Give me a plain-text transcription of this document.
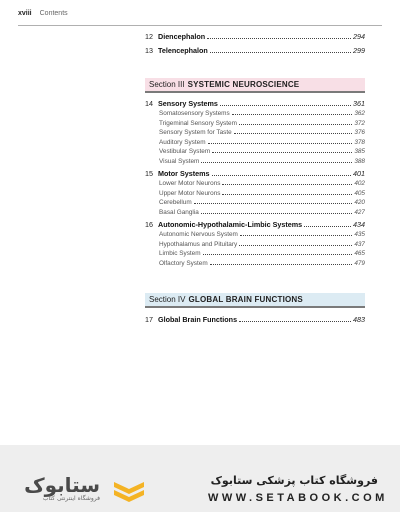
xviii Contents
12 Diencephalon	294
13 Telencephalon	299
Section III SYSTEMIC NEUROSCIENCE
14 Sensory Systems	361
Somatosensory Systems	362
Trigeminal Sensory System	372
Sensory System for Taste	376
Auditory System	378
Vestibular System	385
Visual System	388
15 Motor Systems	401
Lower Motor Neurons	402
Upper Motor Neurons	405
Cerebellum	420
Basal Ganglia	427
16 Autonomic-Hypothalamic-Limbic Systems	434
Autonomic Nervous System	435
Hypothalamus and Pituitary	437
Limbic System	465
Olfactory System	479
Section IV GLOBAL BRAIN FUNCTIONS
17 Global Brain Functions	483
ستابوک
فروشگاه اینترنتی کتاب
فروشگاه کتاب پزشکی ستابوک
WWW.SETABOOK.COM
